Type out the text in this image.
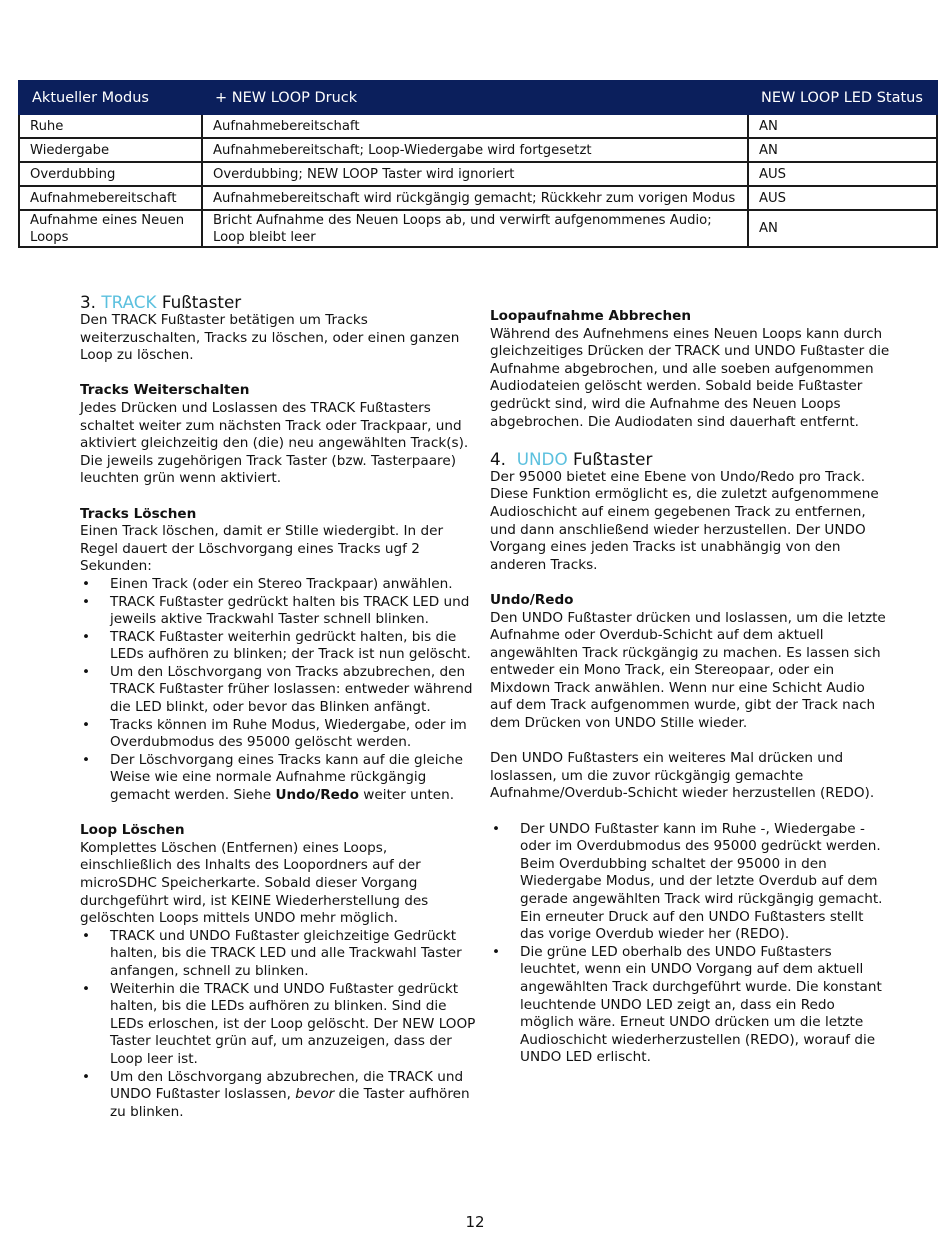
Aktueller Modus	+ NEW LOOP Druck	NEW LOOP LED Status
Ruhe	Aufnahmebereitschaft	AN
Wiedergabe	Aufnahmebereitschaft; Loop-Wiedergabe wird fortgesetzt	AN
Overdubbing	Overdubbing; NEW LOOP Taster wird ignoriert	AUS
Aufnahmebereitschaft	Aufnahmebereitschaft wird rückgängig gemacht; Rückkehr zum vorigen Modus	AUS
Aufnahme eines Neuen Loops	Bricht Aufnahme des Neuen Loops ab, und verwirft aufgenommenes Audio; Loop bleibt leer	AN

3. TRACK Fußtaster

Den TRACK Fußtaster betätigen um Tracks weiterzuschalten, Tracks zu löschen, oder einen ganzen Loop zu löschen.

Tracks Weiterschalten

Jedes Drücken und Loslassen des TRACK Fußtasters schaltet weiter zum nächsten Track oder Trackpaar, und aktiviert gleichzeitig den (die) neu angewählten Track(s). Die jeweils zugehörigen Track Taster (bzw. Tasterpaare) leuchten grün wenn aktiviert.

Tracks Löschen

Einen Track löschen, damit er Stille wiedergibt. In der Regel dauert der Löschvorgang eines Tracks ugf 2 Sekunden:

• Einen Track (oder ein Stereo Trackpaar) anwählen.
• TRACK Fußtaster gedrückt halten bis TRACK LED und jeweils aktive Trackwahl Taster schnell blinken.
• TRACK Fußtaster weiterhin gedrückt halten, bis die LEDs aufhören zu blinken; der Track ist nun gelöscht.
• Um den Löschvorgang von Tracks abzubrechen, den TRACK Fußtaster früher loslassen: entweder während die LED blinkt, oder bevor das Blinken anfängt.
• Tracks können im Ruhe Modus, Wiedergabe, oder im Overdubmodus des 95000 gelöscht werden.
• Der Löschvorgang eines Tracks kann auf die gleiche Weise wie eine normale Aufnahme rückgängig gemacht werden. Siehe Undo/Redo weiter unten.

Loop Löschen

Komplettes Löschen (Entfernen) eines Loops, einschließlich des Inhalts des Loopordners auf der microSDHC Speicherkarte. Sobald dieser Vorgang durchgeführt wird, ist KEINE Wiederherstellung des gelöschten Loops mittels UNDO mehr möglich.

• TRACK und UNDO Fußtaster gleichzeitige Gedrückt halten, bis die TRACK LED und alle Trackwahl Taster anfangen, schnell zu blinken.
• Weiterhin die TRACK und UNDO Fußtaster gedrückt halten, bis die LEDs aufhören zu blinken. Sind die LEDs erloschen, ist der Loop gelöscht. Der NEW LOOP Taster leuchtet grün auf, um anzuzeigen, dass der Loop leer ist.
• Um den Löschvorgang abzubrechen, die TRACK und UNDO Fußtaster loslassen, bevor die Taster aufhören zu blinken.

Loopaufnahme Abbrechen

Während des Aufnehmens eines Neuen Loops kann durch gleichzeitiges Drücken der TRACK und UNDO Fußtaster die Aufnahme abgebrochen, und alle soeben aufgenommen Audiodateien gelöscht werden. Sobald beide Fußtaster gedrückt sind, wird die Aufnahme des Neuen Loops abgebrochen. Die Audiodaten sind dauerhaft entfernt.

4. UNDO Fußtaster

Der 95000 bietet eine Ebene von Undo/Redo pro Track. Diese Funktion ermöglicht es, die zuletzt aufgenommene Audioschicht auf einem gegebenen Track zu entfernen, und dann anschließend wieder herzustellen. Der UNDO Vorgang eines jeden Tracks ist unabhängig von den anderen Tracks.

Undo/Redo

Den UNDO Fußtaster drücken und loslassen, um die letzte Aufnahme oder Overdub-Schicht auf dem aktuell angewählten Track rückgängig zu machen. Es lassen sich entweder ein Mono Track, ein Stereopaar, oder ein Mixdown Track anwählen. Wenn nur eine Schicht Audio auf dem Track aufgenommen wurde, gibt der Track nach dem Drücken von UNDO Stille wieder.

Den UNDO Fußtasters ein weiteres Mal drücken und loslassen, um die zuvor rückgängig gemachte Aufnahme/Overdub-Schicht wieder herzustellen (REDO).

• Der UNDO Fußtaster kann im Ruhe -, Wiedergabe - oder im Overdubmodus des 95000 gedrückt werden. Beim Overdubbing schaltet der 95000 in den Wiedergabe Modus, und der letzte Overdub auf dem gerade angewählten Track wird rückgängig gemacht. Ein erneuter Druck auf den UNDO Fußtasters stellt das vorige Overdub wieder her (REDO).
• Die grüne LED oberhalb des UNDO Fußtasters leuchtet, wenn ein UNDO Vorgang auf dem aktuell angewählten Track durchgeführt wurde. Die konstant leuchtende UNDO LED zeigt an, dass ein Redo möglich wäre. Erneut UNDO drücken um die letzte Audioschicht wiederherzustellen (REDO), worauf die UNDO LED erlischt.
12
